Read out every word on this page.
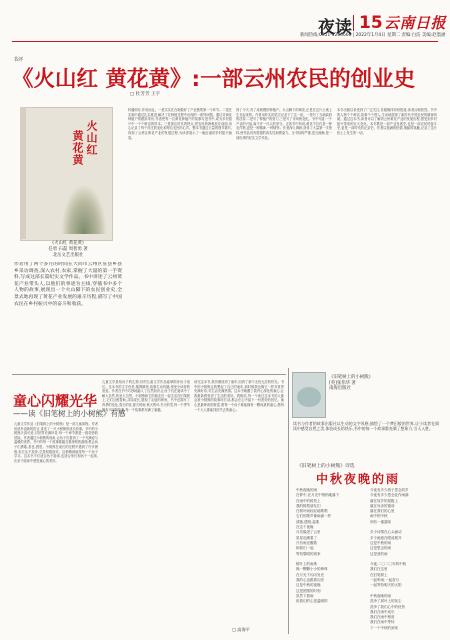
夜读 15 云南日报
新闻热线:0351-4286666 | 2022年1月4日 星期二 责编:白洁 美编:赵墨涵
书评
《火山红 黄花黄》:一部云州农民的创业史
□ 杜芳芳 王宇
火山红
黄花黄
《火山红 黄花黄》
任勇 石磊 周智勇 著
北岳文艺出版社
作者用了两个多月的时间在大同市云州区驻县乡县乡采访调查,深入农村,农家,掌握了大量的第一手资料,写成这部长篇纪实文学作品。书中讲述了云州黄花产业带头人,以他们的事迹为主线,穿插书中多个人物的故事,展现出一个火山脚下的农民创业史,全景式地再现了黄花产业发展的艰辛历程,描写了中国农民在乡村振兴中的奋斗和收获。
转播到办,作用而且。一是实实在在地做好了产业链的第一个环节。二是在实施中通过扎实推进,解决了在种植过程中出现的一系列问题。通过对黄花种植户的跟踪采访,作者把每一位黄花种植户的故事写进书中,成为乡村振兴中一个个鲜活的样本。三是抓住时代的特点,把农民的困难放在前面,用心记录了每个村庄的变化和每位农民的心声。整本书通过大量的细节描写,再现了云州区黄花产业的发展过程,为读者展示了一幅壮丽的乡村振兴画卷。
到了今天,有了成规模的种植户。火山脚下的黄花,正是在这片土地上生长起来的。作者用朴实的语言记录下了这一切。一是写了当地政府的扶持,二是写了种植户的努力,三是写了市场的变化。书中写道:一个产业的兴起,离不开一代人的坚守。正如书中所说,黄花不仅仅是一种农作物,更是一种精神,一种情怀。作者深入调研,获得了大量第一手资料,使作品具有很强的真实性和感染力。全书结构严谨,语言流畅,是一部优秀的纪实文学作品。
本书出版以来受到了广泛关注,各级媒体纷纷报道,读者反响热烈。书中的人物个个鲜活,故事个个感人,生动地展现了新时代中国农民的精神风貌。通过这本书,读者可以了解到云州黄花产业的发展历程,感受到乡村振兴带来的巨大变化。本书既是一部产业发展史,也是一部农民的奋斗史,更是一部时代的记录史。作者以饱满的热情,细腻的笔触,记录了这片热土上发生的一切。
童心闪耀光华
——读《旧笔树上的小树熊》有感
儿童文学作品《旧笔树上的小树熊》是一部儿童读物。作者用质朴清新的语言,讲述了一只小树熊的成长故事。书中的小树熊天真可爱,对世界充满好奇,每一个章节都是一段奇妙的冒险。作者通过小树熊的视角,让孩子们看到了一个充满爱与温暖的世界。书中的每一个故事都蕴含着深刻的道理,教会孩子们勇敢,善良,感恩。小树熊在成长的过程中遇到了许多困难,但它从不放弃,总是积极面对。这种精神值得每一个孩子学习。这本书不仅适合孩子阅读,也适合家长和孩子一起读,在亲子阅读中感受童心的美好。
儿童文学是给孩子的礼物,好的儿童文学作品能够陪伴孩子成长。这本书的文字优美,插图精美,故事生动有趣,深受小读者的喜爱。作者在书中巧妙地融入了自然知识,让孩子们在阅读中了解大自然,热爱大自然。小树熊和它的朋友们一起生活在旧笔树上,它们互相帮助,共同成长,展现了友谊的珍贵。书中还描写了四季的变化,春天的花,夏天的雨,秋天的叶,冬天的雪,每一个季节都有不同的故事,每一个故事都充满了童趣。
读完这本书,我仿佛回到了童年,回到了那个无忧无虑的时光。书中的小树熊让我想起了自己的童年,那时候我也像它一样对世界充满好奇,对生活充满热情。这本书唤醒了我内心深处的童心,让我重新感受到了生活的美好。我相信,每一个读过这本书的人都会被小树熊的故事所打动,都会在心中留下一份美好的回忆。童心是最珍贵的财富,愿每一个孩子都能拥有一颗纯真的童心,愿每一个大人都能找回失去的童心。
□ 高海平
《旧笔树上的小树熊》
[英]张伟华 著
南海出版社
读书与作者的故事出版社以生动的文字风格,描绘了一个梦幻般的世界,让小读者在阅读中感受自然之美,体验成长的快乐,书中的每一个故事都充满了想象力,引人入胜。
《旧笔树上的小树熊》诗选
中秋夜晚的雨
中秋夜晚的雨
在梦中,在月光中悄悄地落下
在雨中的树枝上
我的树熊朋友们
在树叶间轻轻地歌唱
它们的歌声像雨滴一样
清脆,透明,温柔
在这个夜晚
月亮躲进了云里
星星也睡着了
只有雨还醒着
和我们一起
等待黎明的到来

树叶上的雨珠
像一颗颗小小的珍珠
在月光下闪闪发光
我的心也跟着闪亮
这是中秋的夜晚
这是团圆的时刻
虽然下着雨
但我们的心是温暖的
今夜有多少游子思念故乡
今夜有多少思念化作雨滴
落在故乡的屋檐上
落在母亲的窗前
落在我们的心里
雨中的中秋
别有一番滋味

多少诗情在心头涌动
多少画意在眼前展开
这是中秋的雨
这是思念的雨
这是爱的雨

今夜,二〇二〇年的中秋
我们在这里
在旧笔树上
一起听雨,一起赏月
一起等待明天的太阳

中秋夜晚的雨
洗净了树叶上的灰尘
洗净了我们心中的忧伤
我们在雨中成长
我们在雨中相爱
我们在雨中等待
下一个中秋的到来
